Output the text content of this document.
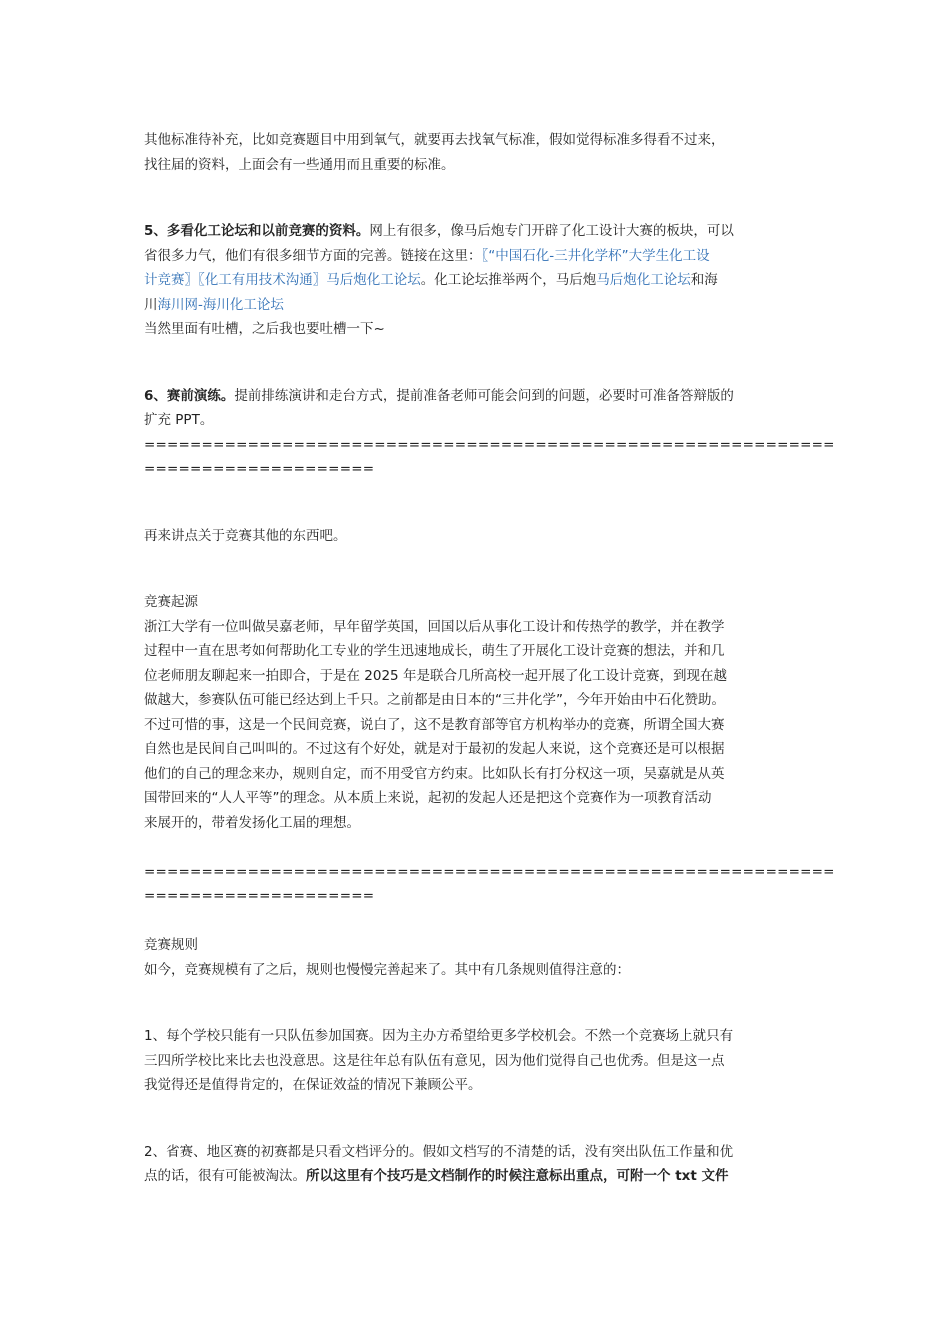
其他标准待补充，比如竞赛题目中用到氧气，就要再去找氧气标准，假如觉得标准多得看不过来，

找往届的资料，上面会有一些通用而且重要的标准。

5、多看化工论坛和以前竞赛的资料。网上有很多，像马后炮专门开辟了化工设计大赛的板块，可以

省很多力气，他们有很多细节方面的完善。链接在这里：〖“中国石化-三井化学杯”大学生化工设

计竞赛〗〖化工有用技术沟通〗马后炮化工论坛。化工论坛推举两个，马后炮马后炮化工论坛和海

川海川网-海川化工论坛

当然里面有吐槽，之后我也要吐槽一下~

6、赛前演练。提前排练演讲和走台方式，提前准备老师可能会问到的问题，必要时可准备答辩版的

扩充 PPT。

============================================================

====================

再来讲点关于竞赛其他的东西吧。

竞赛起源

浙江大学有一位叫做吴嘉老师，早年留学英国，回国以后从事化工设计和传热学的教学，并在教学

过程中一直在思考如何帮助化工专业的学生迅速地成长，萌生了开展化工设计竞赛的想法，并和几

位老师朋友聊起来一拍即合，于是在 2025 年是联合几所高校一起开展了化工设计竞赛，到现在越

做越大，参赛队伍可能已经达到上千只。之前都是由日本的“三井化学”，今年开始由中石化赞助。

不过可惜的事，这是一个民间竞赛，说白了，这不是教育部等官方机构举办的竞赛，所谓全国大赛

自然也是民间自己叫叫的。不过这有个好处，就是对于最初的发起人来说，这个竞赛还是可以根据

他们的自己的理念来办，规则自定，而不用受官方约束。比如队长有打分权这一项，吴嘉就是从英

国带回来的“人人平等”的理念。从本质上来说，起初的发起人还是把这个竞赛作为一项教育活动

来展开的，带着发扬化工届的理想。

============================================================

====================

竞赛规则

如今，竞赛规模有了之后，规则也慢慢完善起来了。其中有几条规则值得注意的：

1、每个学校只能有一只队伍参加国赛。因为主办方希望给更多学校机会。不然一个竞赛场上就只有

三四所学校比来比去也没意思。这是往年总有队伍有意见，因为他们觉得自己也优秀。但是这一点

我觉得还是值得肯定的，在保证效益的情况下兼顾公平。

2、省赛、地区赛的初赛都是只看文档评分的。假如文档写的不清楚的话，没有突出队伍工作量和优

点的话，很有可能被淘汰。所以这里有个技巧是文档制作的时候注意标出重点，可附一个 txt 文件
